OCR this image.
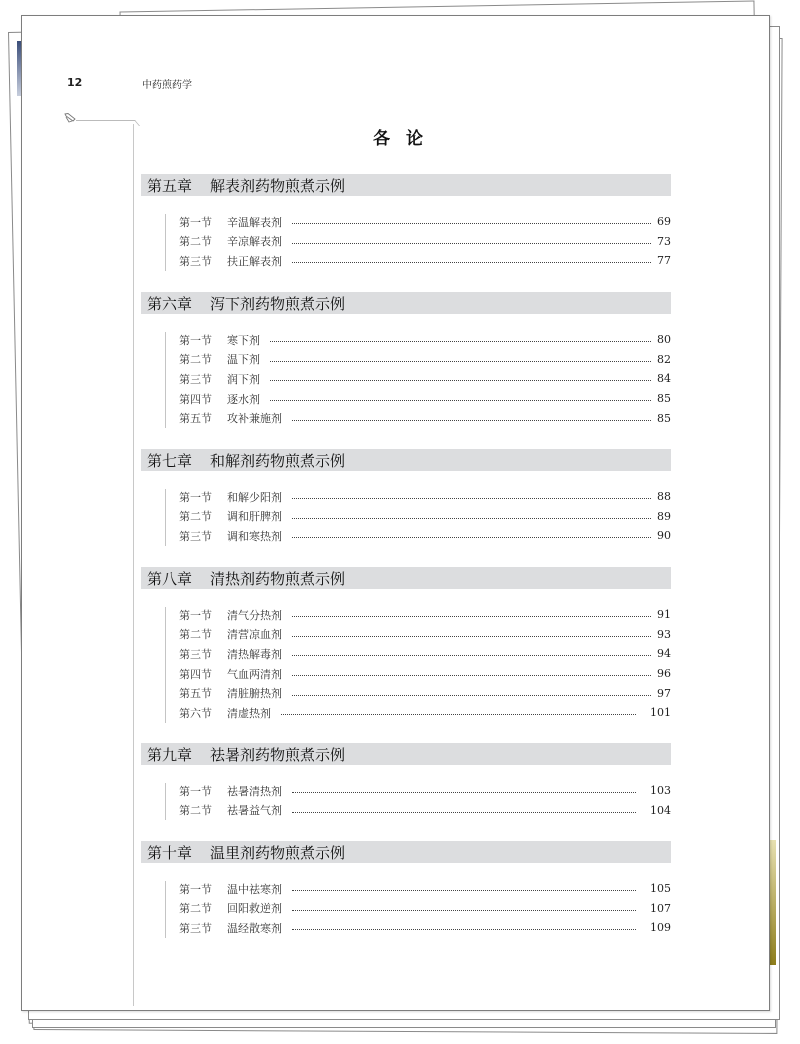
12	中药煎药学
各论
第五章 解表剂药物煎煮示例
第一节	辛温解表剂	69
第二节	辛凉解表剂	73
第三节	扶正解表剂	77
第六章 泻下剂药物煎煮示例
第一节	寒下剂	80
第二节	温下剂	82
第三节	润下剂	84
第四节	逐水剂	85
第五节	攻补兼施剂	85
第七章 和解剂药物煎煮示例
第一节	和解少阳剂	88
第二节	调和肝脾剂	89
第三节	调和寒热剂	90
第八章 清热剂药物煎煮示例
第一节	清气分热剂	91
第二节	清营凉血剂	93
第三节	清热解毒剂	94
第四节	气血两清剂	96
第五节	清脏腑热剂	97
第六节	清虚热剂	101
第九章 祛暑剂药物煎煮示例
第一节	祛暑清热剂	103
第二节	祛暑益气剂	104
第十章 温里剂药物煎煮示例
第一节	温中祛寒剂	105
第二节	回阳救逆剂	107
第三节	温经散寒剂	109
